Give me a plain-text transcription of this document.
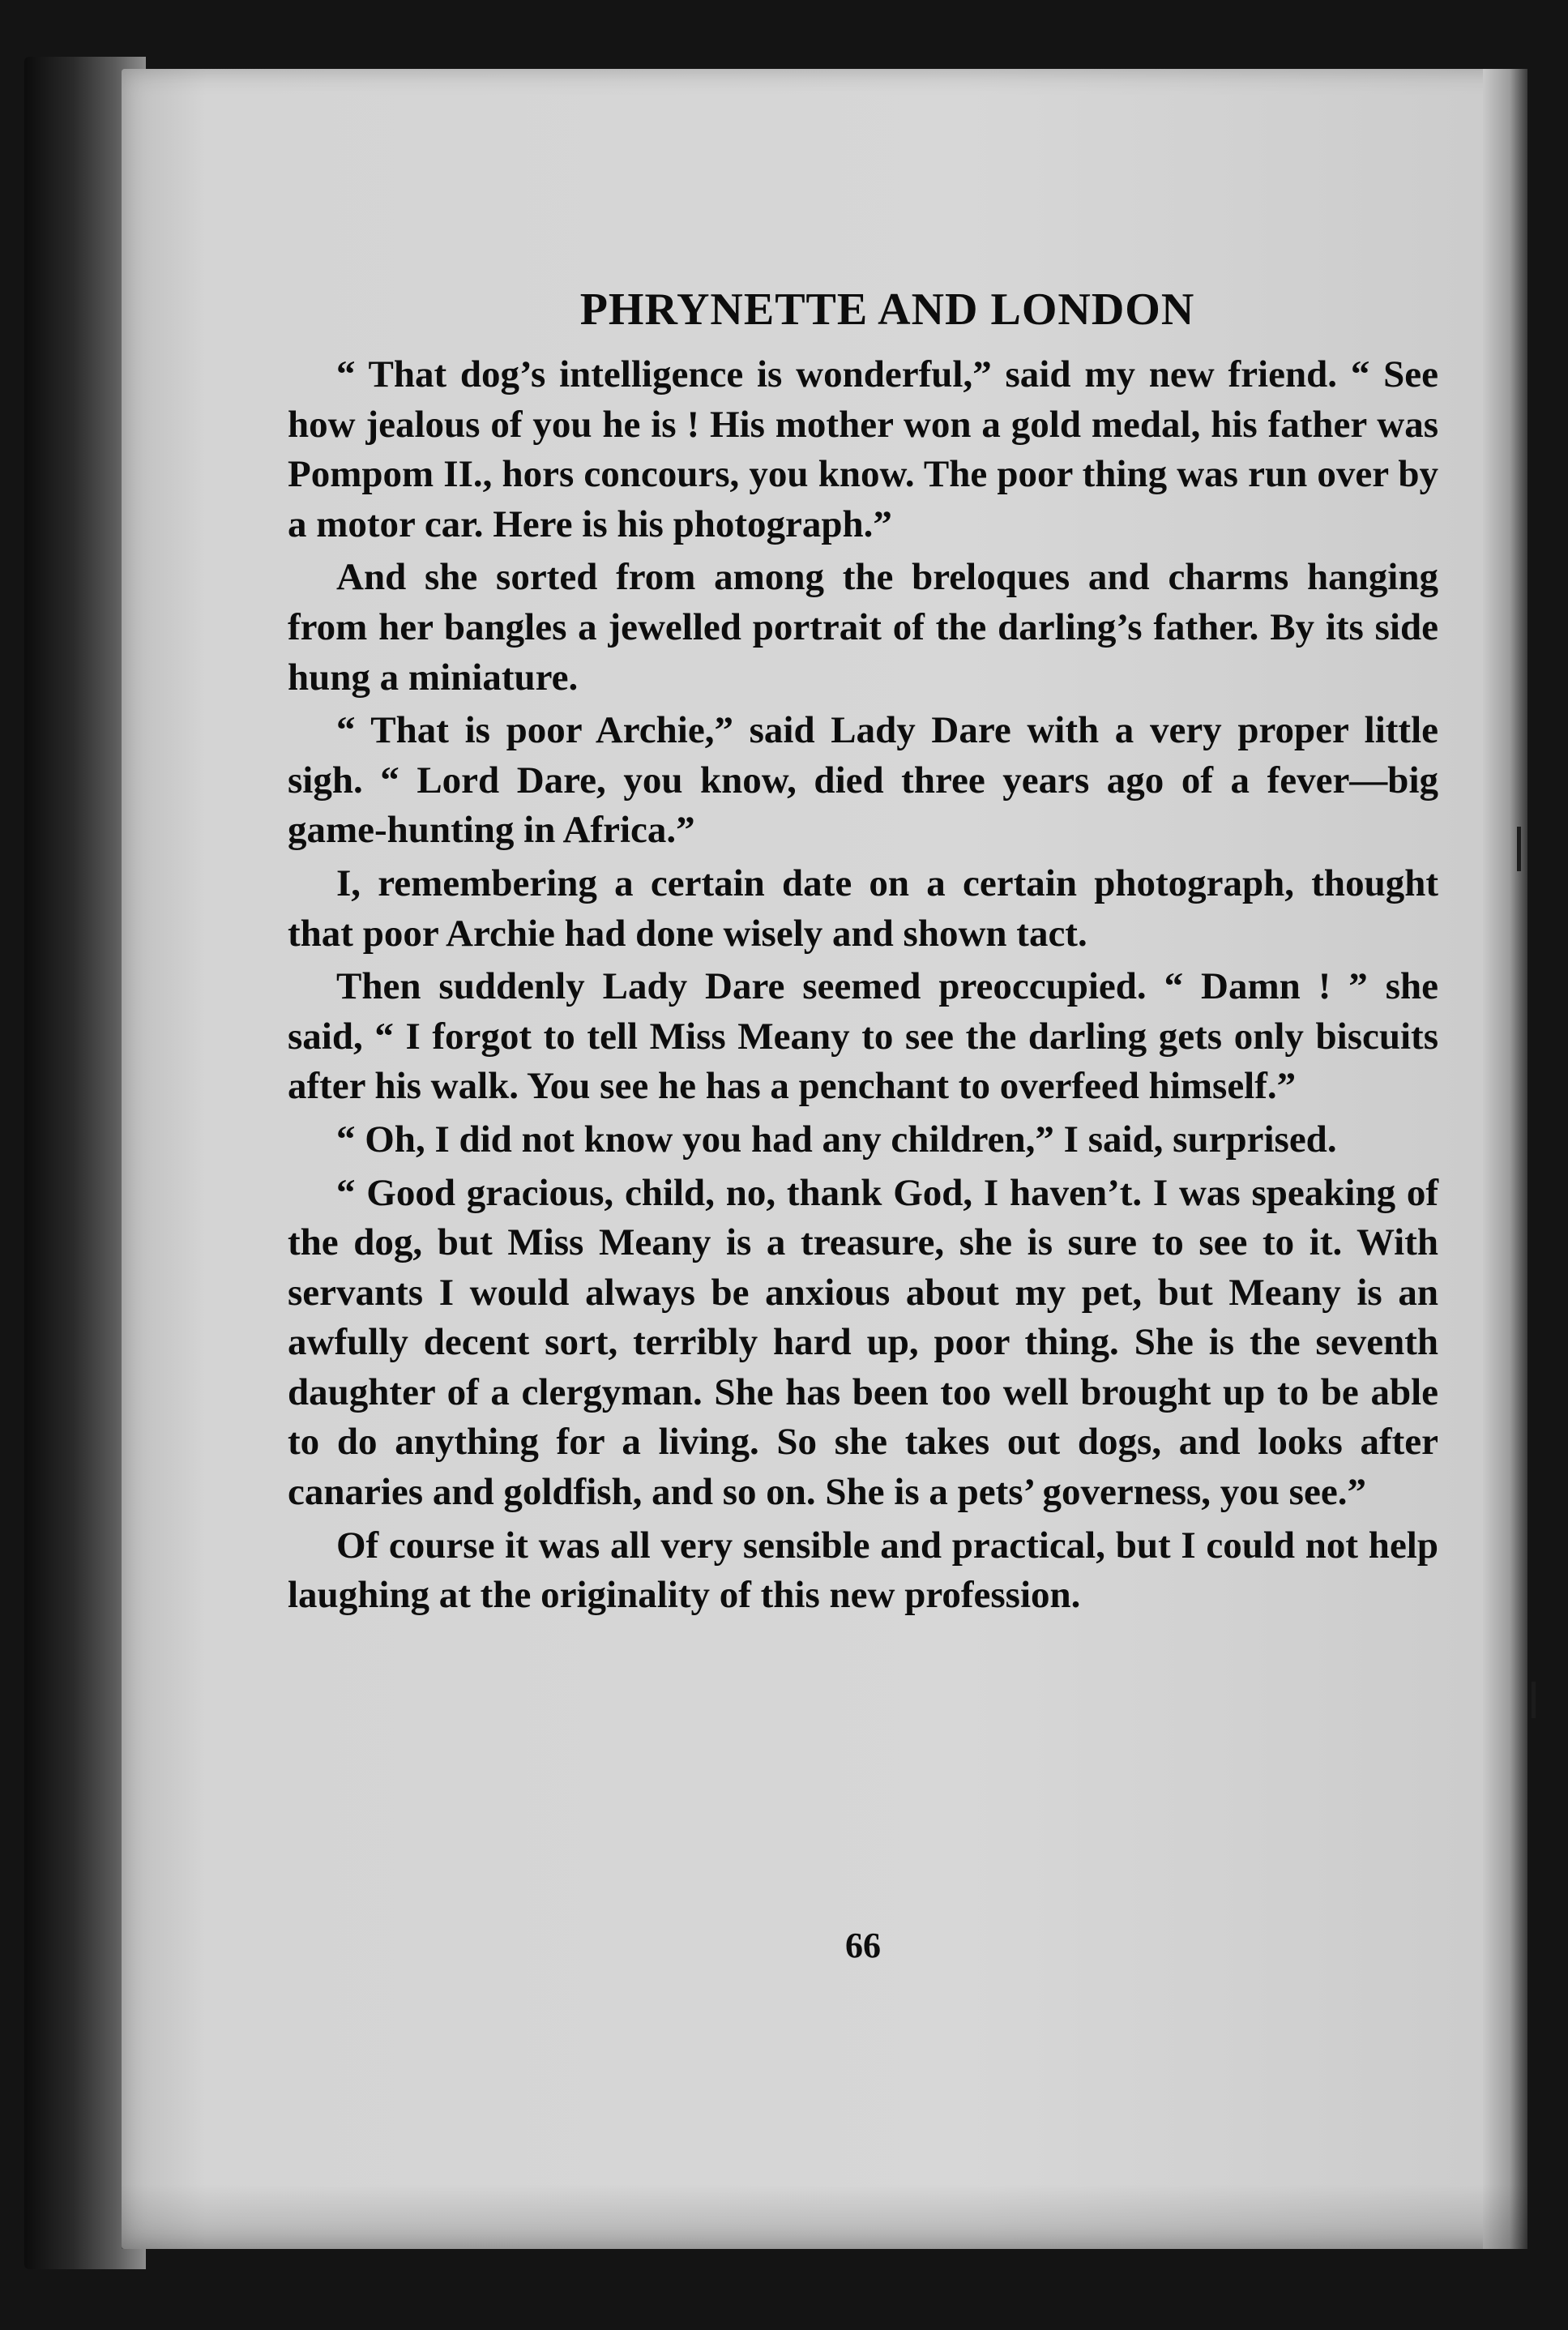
PHRYNETTE AND LONDON

“ That dog’s intelligence is wonderful,” said my new friend. “ See how jealous of you he is ! His mother won a gold medal, his father was Pompom II., hors concours, you know. The poor thing was run over by a motor car. Here is his photograph.”

And she sorted from among the breloques and charms hanging from her bangles a jewelled portrait of the darling’s father. By its side hung a miniature.

“ That is poor Archie,” said Lady Dare with a very proper little sigh. “ Lord Dare, you know, died three years ago of a fever—big game-hunting in Africa.”

I, remembering a certain date on a certain photograph, thought that poor Archie had done wisely and shown tact.

Then suddenly Lady Dare seemed preoccupied. “ Damn ! ” she said, “ I forgot to tell Miss Meany to see the darling gets only biscuits after his walk. You see he has a penchant to overfeed himself.”

“ Oh, I did not know you had any children,” I said, surprised.

“ Good gracious, child, no, thank God, I haven’t. I was speaking of the dog, but Miss Meany is a treasure, she is sure to see to it. With servants I would always be anxious about my pet, but Meany is an awfully decent sort, terribly hard up, poor thing. She is the seventh daughter of a clergyman. She has been too well brought up to be able to do anything for a living. So she takes out dogs, and looks after canaries and goldfish, and so on. She is a pets’ governess, you see.”

Of course it was all very sensible and practical, but I could not help laughing at the originality of this new profession.

66
